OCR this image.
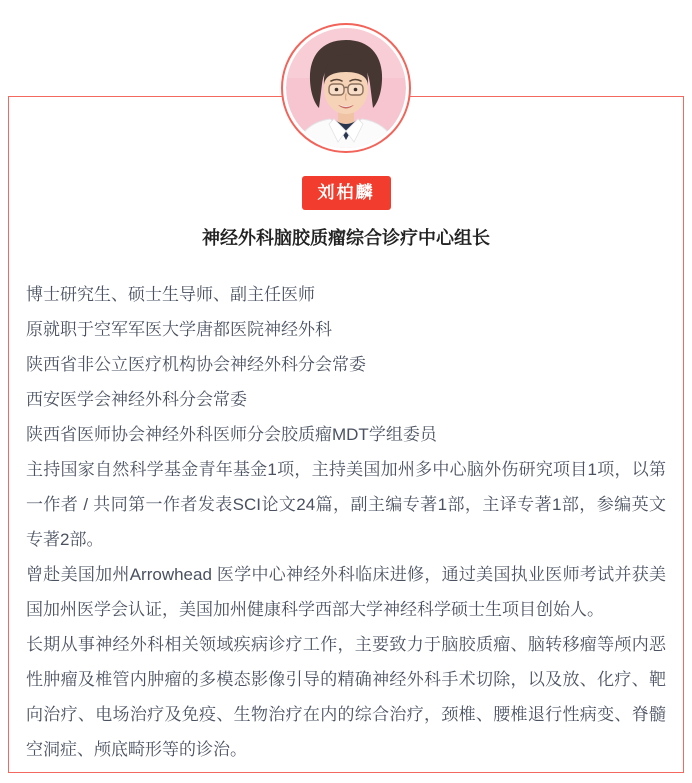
刘柏麟
神经外科脑胶质瘤综合诊疗中心组长

博士研究生、硕士生导师、副主任医师

原就职于空军军医大学唐都医院神经外科

陕西省非公立医疗机构协会神经外科分会常委

西安医学会神经外科分会常委

陕西省医师协会神经外科医师分会胶质瘤MDT学组委员

主持国家自然科学基金青年基金1项，主持美国加州多中心脑外伤研究项目1项，以第一作者 / 共同第一作者发表SCI论文24篇，副主编专著1部，主译专著1部，参编英文专著2部。

曾赴美国加州Arrowhead 医学中心神经外科临床进修，通过美国执业医师考试并获美国加州医学会认证，美国加州健康科学西部大学神经科学硕士生项目创始人。

长期从事神经外科相关领域疾病诊疗工作，主要致力于脑胶质瘤、脑转移瘤等颅内恶性肿瘤及椎管内肿瘤的多模态影像引导的精确神经外科手术切除，以及放、化疗、靶向治疗、电场治疗及免疫、生物治疗在内的综合治疗，颈椎、腰椎退行性病变、脊髓空洞症、颅底畸形等的诊治。
